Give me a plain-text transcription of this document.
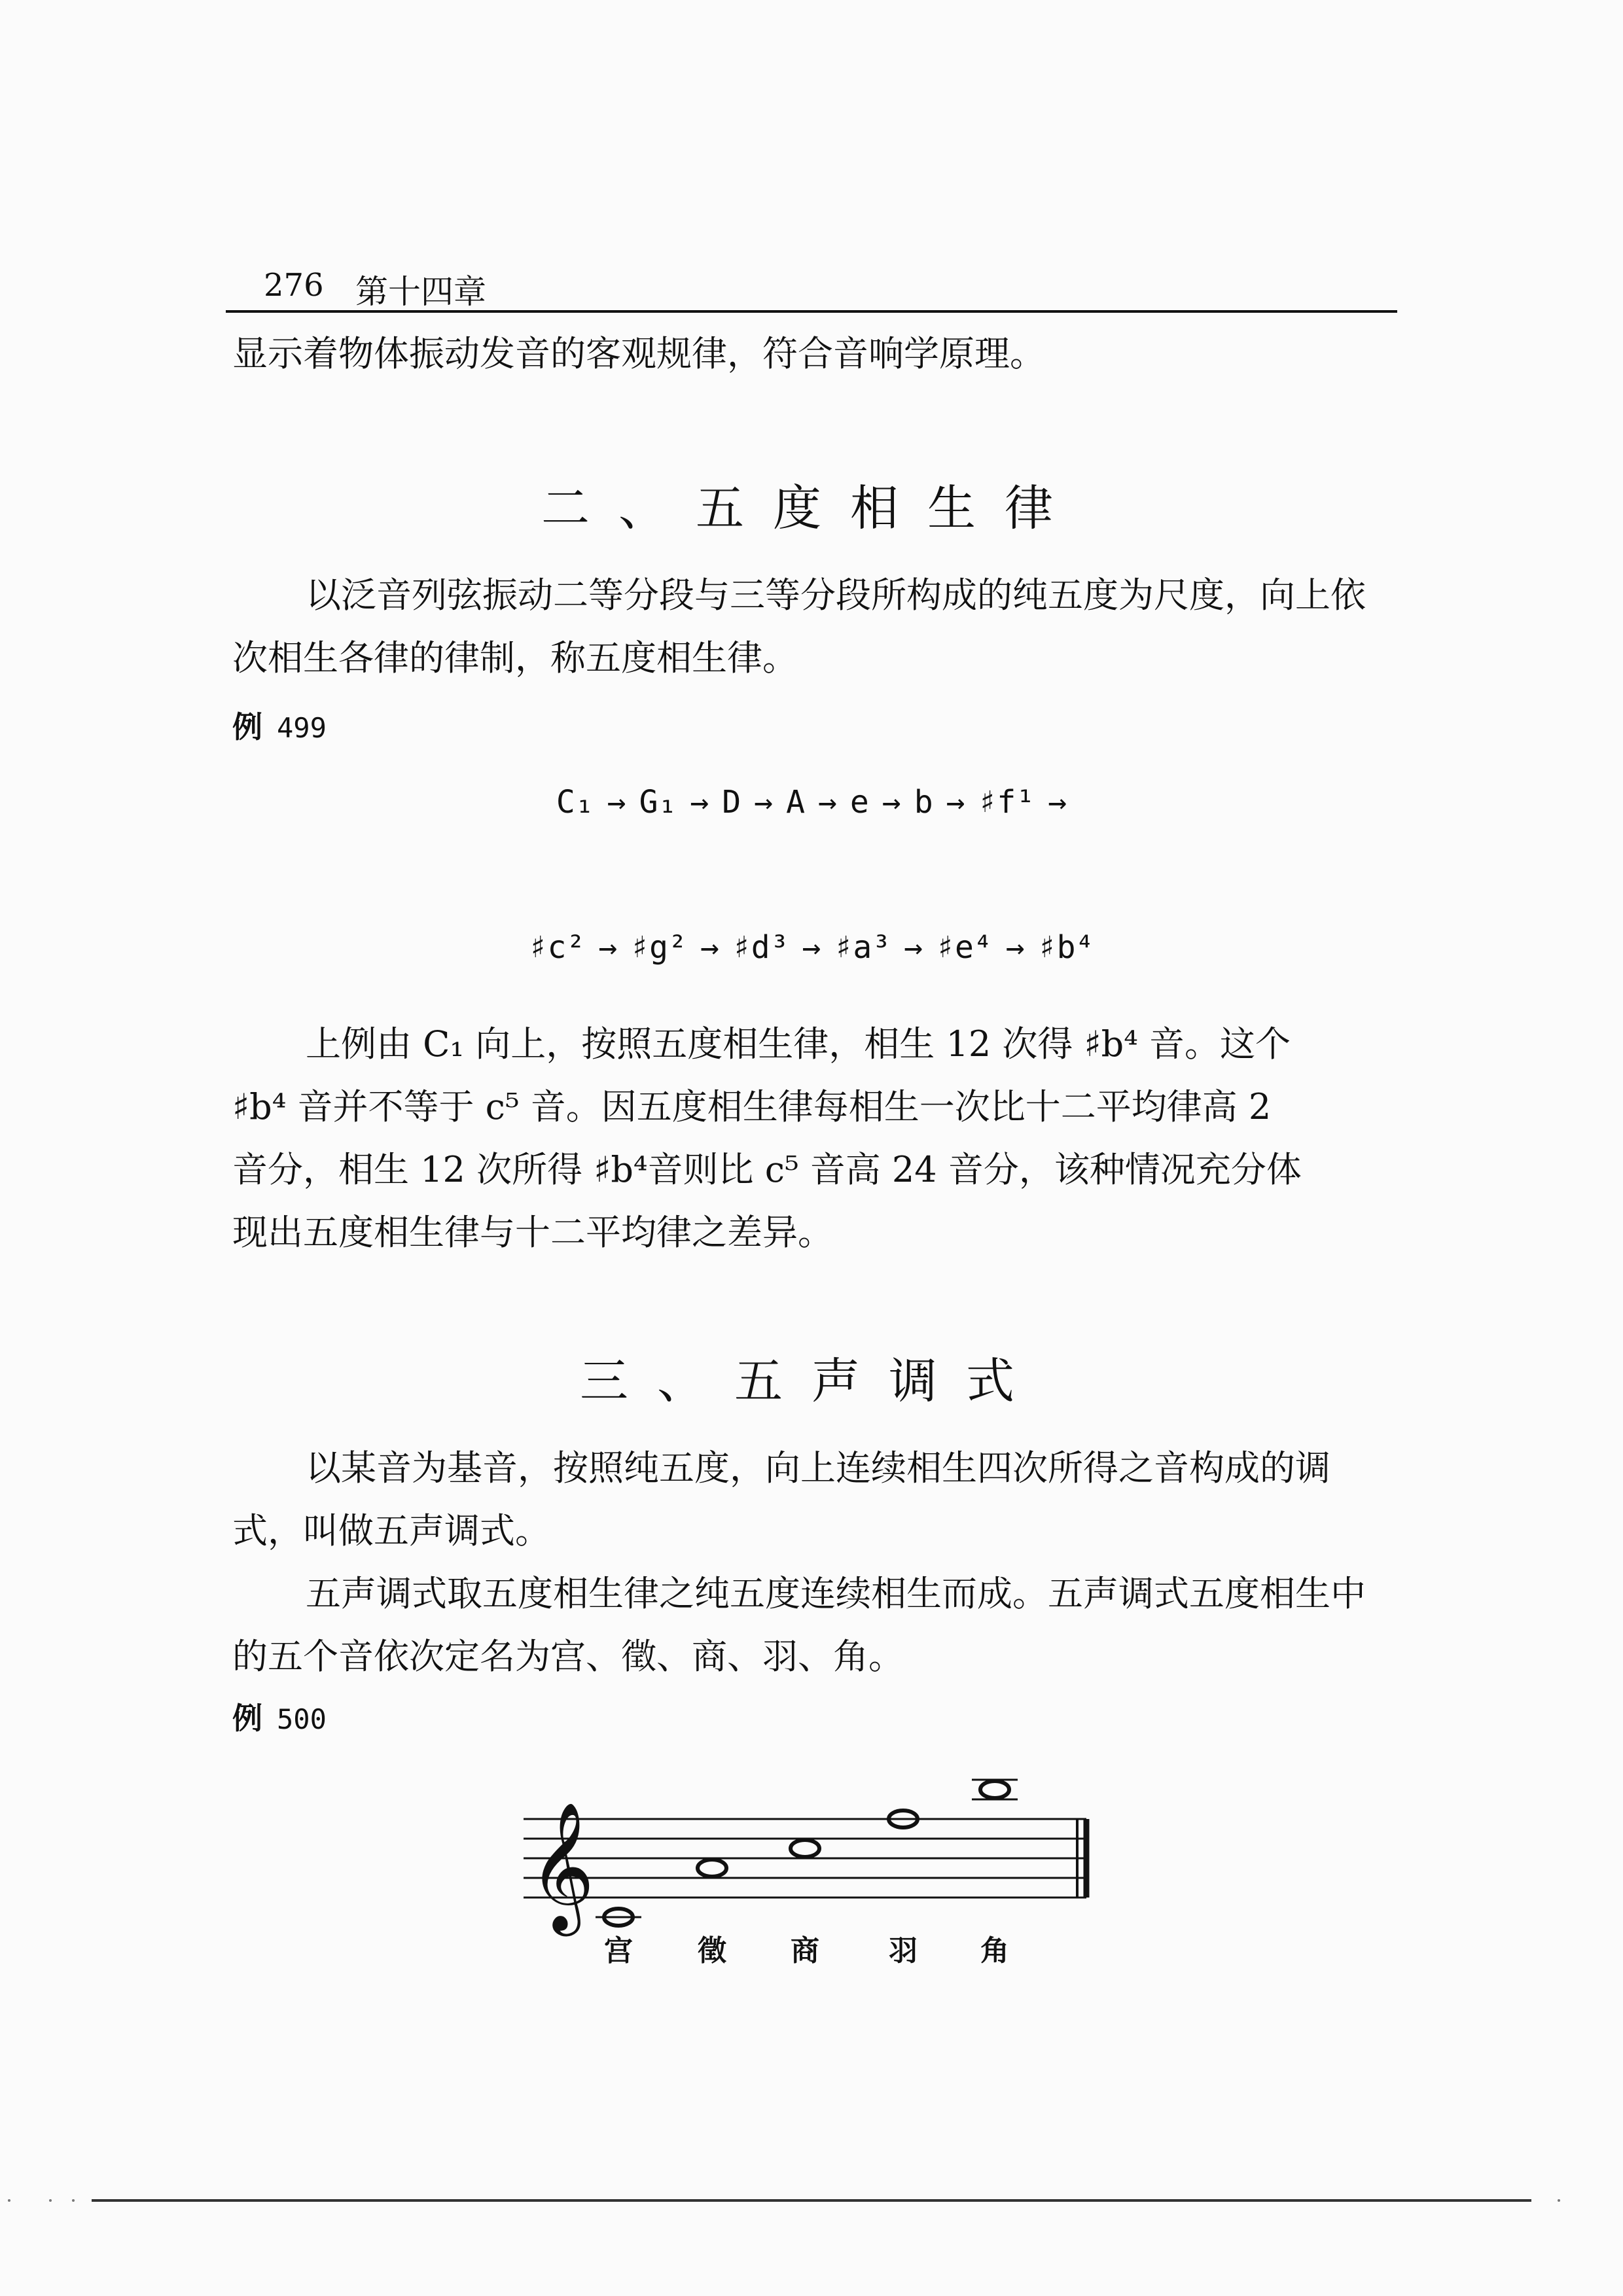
276 第十四章

显示着物体振动发音的客观规律，符合音响学原理。

二、五度相生律

以泛音列弦振动二等分段与三等分段所构成的纯五度为尺度，向上依次相生各律的律制，称五度相生律。

例 499
C₁ → G₁ → D → A → e → b → ♯f¹ →
♯c² → ♯g² → ♯d³ → ♯a³ → ♯e⁴ → ♯b⁴

上例由 C₁ 向上，按照五度相生律，相生 12 次得 ♯b⁴ 音。这个

♯b⁴ 音并不等于 c⁵ 音。因五度相生律每相生一次比十二平均律高 2

音分，相生 12 次所得 ♯b⁴音则比 c⁵ 音高 24 音分，该种情况充分体

现出五度相生律与十二平均律之差异。

三、五声调式

以某音为基音，按照纯五度，向上连续相生四次所得之音构成的调式，叫做五声调式。

五声调式取五度相生律之纯五度连续相生而成。五声调式五度相生中的五个音依次定名为宫、徵、商、羽、角。

例 500
𝄞
宫 徵 商 羽 角
